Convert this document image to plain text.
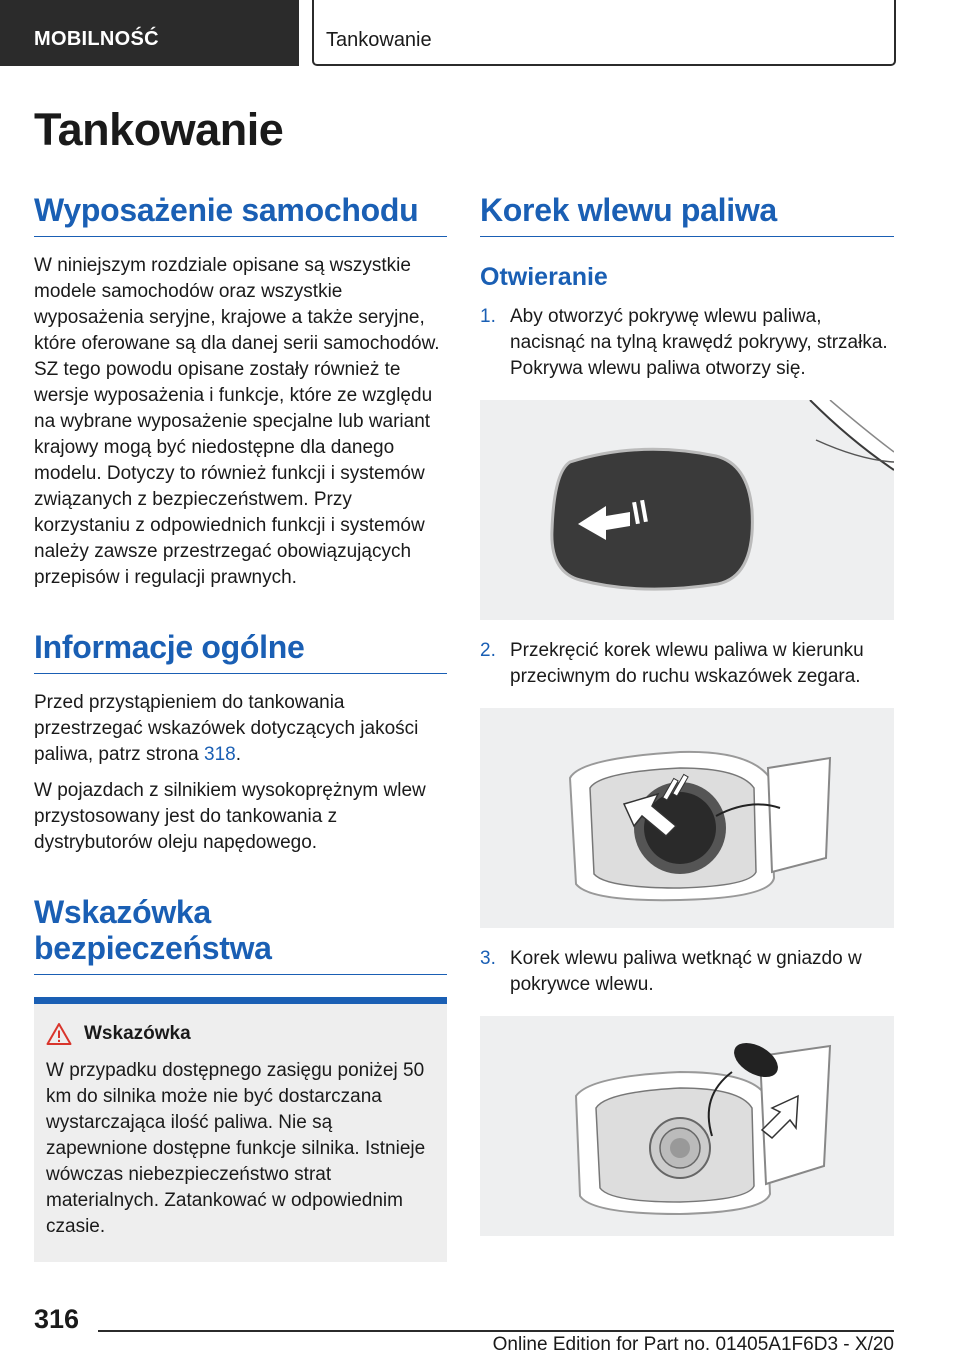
MOBILNOŚĆ	Tankowanie
Tankowanie
Wyposażenie samochodu

W niniejszym rozdziale opisane są wszystkie modele samochodów oraz wszystkie wyposażenia seryjne, krajowe a także seryjne, które oferowane są dla danej serii samochodów. SZ tego powodu opisane zostały również te wersje wyposażenia i funkcje, które ze względu na wybrane wyposażenie specjalne lub wariant krajowy mogą być niedostępne dla danego modelu. Dotyczy to również funkcji i systemów związanych z bezpieczeństwem. Przy korzystaniu z odpowiednich funkcji i systemów należy zawsze przestrzegać obowiązujących przepisów i regulacji prawnych.

Informacje ogólne

Przed przystąpieniem do tankowania przestrzegać wskazówek dotyczących jakości paliwa, patrz strona 318.

W pojazdach z silnikiem wysokoprężnym wlew przystosowany jest do tankowania z dystrybutorów oleju napędowego.

Wskazówka bezpieczeństwa
Wskazówka

W przypadku dostępnego zasięgu poniżej 50 km do silnika może nie być dostarczana wystarczająca ilość paliwa. Nie są zapewnione dostępne funkcje silnika. Istnieje wówczas niebezpieczeństwo strat materialnych. Zatankować w odpowiednim czasie.

Korek wlewu paliwa
Otwieranie
1. Aby otworzyć pokrywę wlewu paliwa, nacisnąć na tylną krawędź pokrywy, strzałka. Pokrywa wlewu paliwa otworzy się.
2. Przekręcić korek wlewu paliwa w kierunku przeciwnym do ruchu wskazówek zegara.
3. Korek wlewu paliwa wetknąć w gniazdo w pokrywce wlewu.
316
Online Edition for Part no. 01405A1F6D3 - X/20
